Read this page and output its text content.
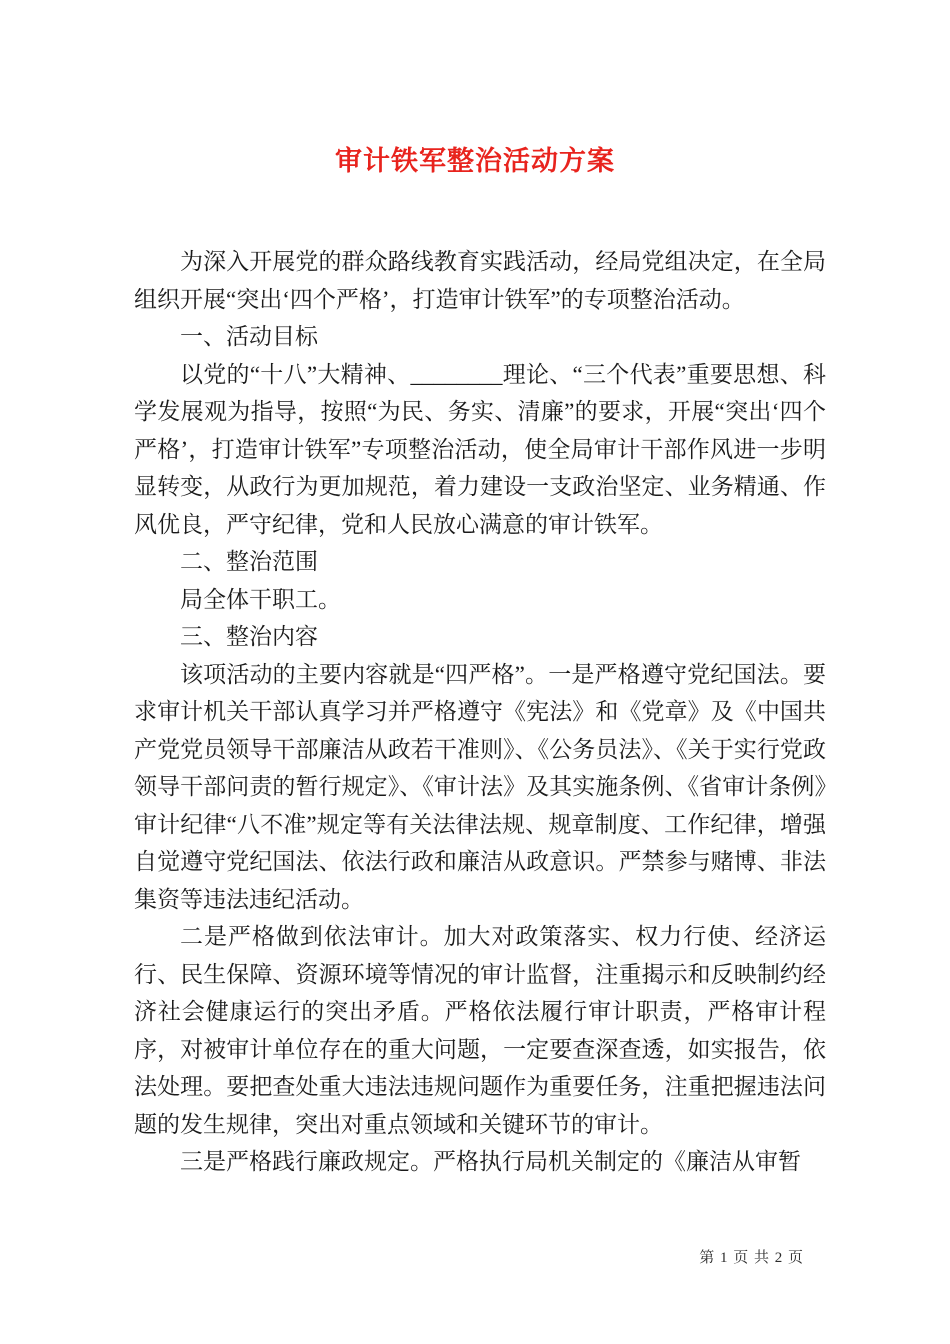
审计铁军整治活动方案

为深入开展党的群众路线教育实践活动，经局党组决定，在全局组织开展“突出‘四个严格’，打造审计铁军”的专项整治活动。

一、活动目标

以党的“十八”大精神、________理论、“三个代表”重要思想、科学发展观为指导，按照“为民、务实、清廉”的要求，开展“突出‘四个严格’，打造审计铁军”专项整治活动，使全局审计干部作风进一步明显转变，从政行为更加规范，着力建设一支政治坚定、业务精通、作风优良，严守纪律，党和人民放心满意的审计铁军。

二、整治范围

局全体干职工。

三、整治内容

该项活动的主要内容就是“四严格”。一是严格遵守党纪国法。要求审计机关干部认真学习并严格遵守《宪法》和《党章》及《中国共产党党员领导干部廉洁从政若干准则》、《公务员法》、《关于实行党政领导干部问责的暂行规定》、《审计法》及其实施条例、《省审计条例》审计纪律“八不准”规定等有关法律法规、规章制度、工作纪律，增强自觉遵守党纪国法、依法行政和廉洁从政意识。严禁参与赌博、非法集资等违法违纪活动。

二是严格做到依法审计。加大对政策落实、权力行使、经济运行、民生保障、资源环境等情况的审计监督，注重揭示和反映制约经济社会健康运行的突出矛盾。严格依法履行审计职责，严格审计程序，对被审计单位存在的重大问题，一定要查深查透，如实报告，依法处理。要把查处重大违法违规问题作为重要任务，注重把握违法问题的发生规律，突出对重点领域和关键环节的审计。

三是严格践行廉政规定。严格执行局机关制定的《廉洁从审暂

第 1 页 共 2 页
